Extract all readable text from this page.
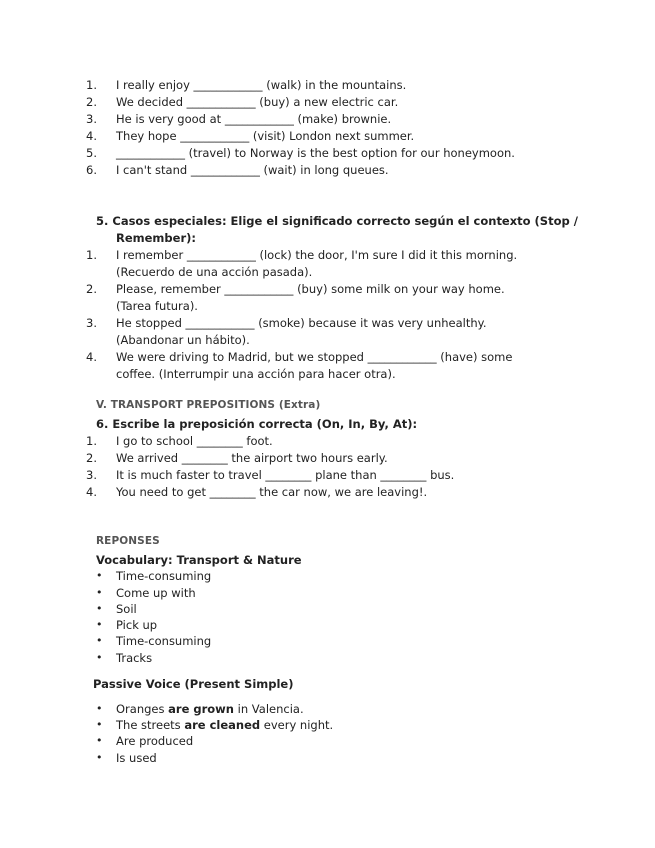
1. I really enjoy ____________ (walk) in the mountains.
2. We decided ____________ (buy) a new electric car.
3. He is very good at ____________ (make) brownie.
4. They hope ____________ (visit) London next summer.
5. ____________ (travel) to Norway is the best option for our honeymoon.
6. I can't stand ____________ (wait) in long queues.
5. Casos especiales: Elige el significado correcto según el contexto (Stop /
Remember):
1. I remember ____________ (lock) the door, I'm sure I did it this morning.
(Recuerdo de una acción pasada).
2. Please, remember ____________ (buy) some milk on your way home.
(Tarea futura).
3. He stopped ____________ (smoke) because it was very unhealthy.
(Abandonar un hábito).
4. We were driving to Madrid, but we stopped ____________ (have) some
coffee. (Interrumpir una acción para hacer otra).
V. TRANSPORT PREPOSITIONS (Extra)
6. Escribe la preposición correcta (On, In, By, At):
1. I go to school ________ foot.
2. We arrived ________ the airport two hours early.
3. It is much faster to travel ________ plane than ________ bus.
4. You need to get ________ the car now, we are leaving!.
REPONSES
Vocabulary: Transport & Nature
• Time-consuming
• Come up with
• Soil
• Pick up
• Time-consuming
• Tracks
Passive Voice (Present Simple)
• Oranges are grown in Valencia.
• The streets are cleaned every night.
• Are produced
• Is used
